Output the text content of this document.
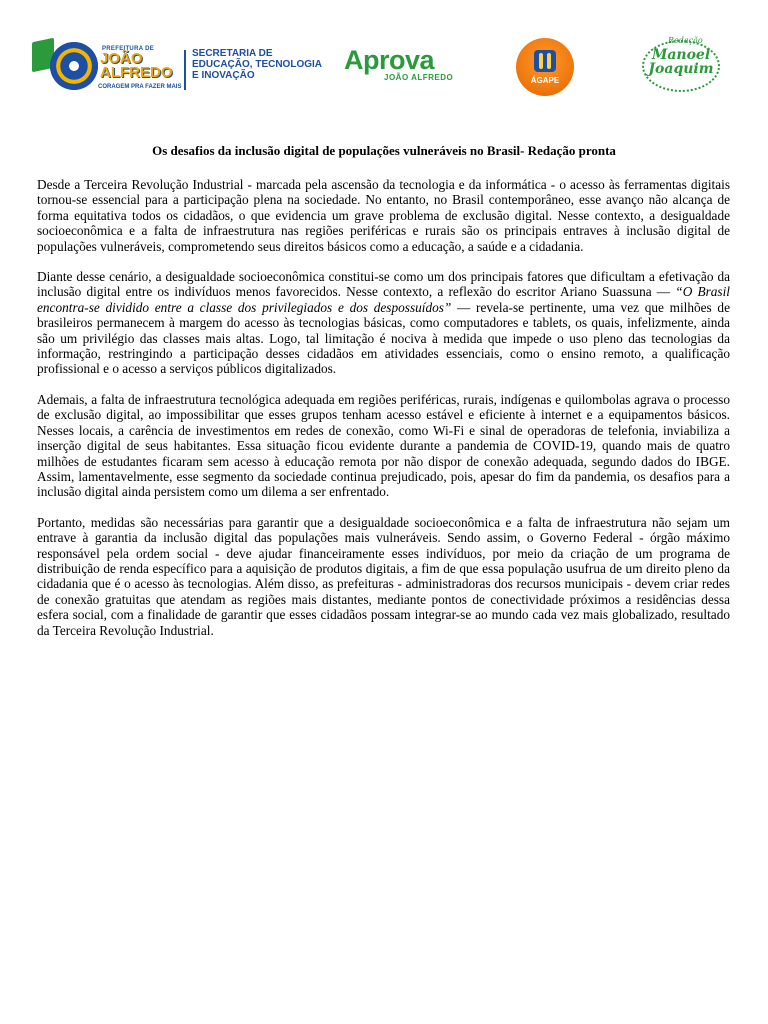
PREFEITURA DE
JOÃO
ALFREDO
CORAGEM PRA FAZER MAIS
SECRETARIA DE
EDUCAÇÃO, TECNOLOGIA
E INOVAÇÃO
Aprova
JOÃO ALFREDO	ÁGAPE
Redação
Manoel Joaquim
Os desafios da inclusão digital de populações vulneráveis no Brasil- Redação pronta

Desde a Terceira Revolução Industrial - marcada pela ascensão da tecnologia e da informática - o acesso às ferramentas digitais tornou-se essencial para a participação plena na sociedade. No entanto, no Brasil contemporâneo, esse avanço não alcança de forma equitativa todos os cidadãos, o que evidencia um grave problema de exclusão digital. Nesse contexto, a desigualdade socioeconômica e a falta de infraestrutura nas regiões periféricas e rurais são os principais entraves à inclusão digital de populações vulneráveis, comprometendo seus direitos básicos como a educação, a saúde e a cidadania.

Diante desse cenário, a desigualdade socioeconômica constitui-se como um dos principais fatores que dificultam a efetivação da inclusão digital entre os indivíduos menos favorecidos. Nesse contexto, a reflexão do escritor Ariano Suassuna — “O Brasil encontra-se dividido entre a classe dos privilegiados e dos despossuídos” — revela-se pertinente, uma vez que milhões de brasileiros permanecem à margem do acesso às tecnologias básicas, como computadores e tablets, os quais, infelizmente, ainda são um privilégio das classes mais altas. Logo, tal limitação é nociva à medida que impede o uso pleno das tecnologias da informação, restringindo a participação desses cidadãos em atividades essenciais, como o ensino remoto, a qualificação profissional e o acesso a serviços públicos digitalizados.

Ademais, a falta de infraestrutura tecnológica adequada em regiões periféricas, rurais, indígenas e quilombolas agrava o processo de exclusão digital, ao impossibilitar que esses grupos tenham acesso estável e eficiente à internet e a equipamentos básicos. Nesses locais, a carência de investimentos em redes de conexão, como Wi-Fi e sinal de operadoras de telefonia, inviabiliza a inserção digital de seus habitantes. Essa situação ficou evidente durante a pandemia de COVID-19, quando mais de quatro milhões de estudantes ficaram sem acesso à educação remota por não dispor de conexão adequada, segundo dados do IBGE. Assim, lamentavelmente, esse segmento da sociedade continua prejudicado, pois, apesar do fim da pandemia, os desafios para a inclusão digital ainda persistem como um dilema a ser enfrentado.

Portanto, medidas são necessárias para garantir que a desigualdade socioeconômica e a falta de infraestrutura não sejam um entrave à garantia da inclusão digital das populações mais vulneráveis. Sendo assim, o Governo Federal - órgão máximo responsável pela ordem social - deve ajudar financeiramente esses indivíduos, por meio da criação de um programa de distribuição de renda específico para a aquisição de produtos digitais, a fim de que essa população usufrua de um direito pleno da cidadania que é o acesso às tecnologias. Além disso, as prefeituras - administradoras dos recursos municipais - devem criar redes de conexão gratuitas que atendam as regiões mais distantes, mediante pontos de conectividade próximos a residências dessa esfera social, com a finalidade de garantir que esses cidadãos possam integrar-se ao mundo cada vez mais globalizado, resultado da Terceira Revolução Industrial.
